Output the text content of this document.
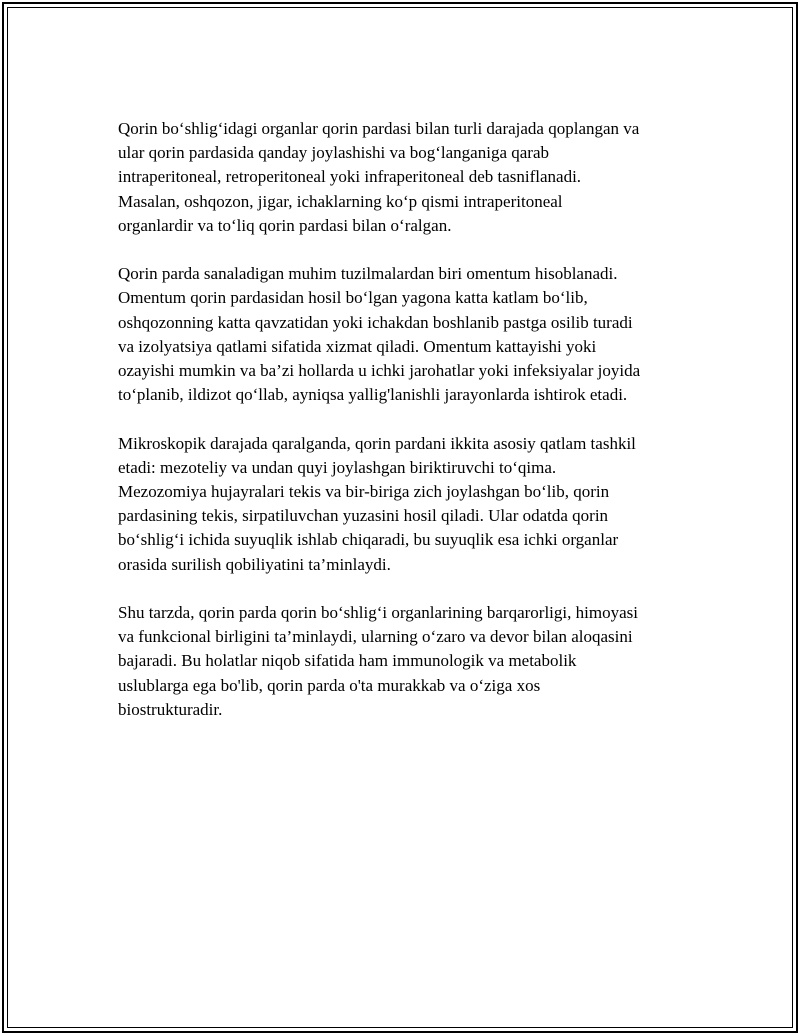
Qorin bo‘shlig‘idagi organlar qorin pardasi bilan turli darajada qoplangan va
ular qorin pardasida qanday joylashishi va bog‘langaniga qarab
intraperitoneal, retroperitoneal yoki infraperitoneal deb tasniflanadi.
Masalan, oshqozon, jigar, ichaklarning ko‘p qismi intraperitoneal
organlardir va to‘liq qorin pardasi bilan o‘ralgan.

Qorin parda sanaladigan muhim tuzilmalardan biri omentum hisoblanadi.
Omentum qorin pardasidan hosil bo‘lgan yagona katta katlam bo‘lib,
oshqozonning katta qavzatidan yoki ichakdan boshlanib pastga osilib turadi
va izolyatsiya qatlami sifatida xizmat qiladi. Omentum kattayishi yoki
ozayishi mumkin va ba’zi hollarda u ichki jarohatlar yoki infeksiyalar joyida
to‘planib, ildizot qo‘llab, ayniqsa yallig'lanishli jarayonlarda ishtirok etadi.

Mikroskopik darajada qaralganda, qorin pardani ikkita asosiy qatlam tashkil
etadi: mezoteliy va undan quyi joylashgan biriktiruvchi to‘qima.
Mezozomiya hujayralari tekis va bir-biriga zich joylashgan bo‘lib, qorin
pardasining tekis, sirpatiluvchan yuzasini hosil qiladi. Ular odatda qorin
bo‘shlig‘i ichida suyuqlik ishlab chiqaradi, bu suyuqlik esa ichki organlar
orasida surilish qobiliyatini ta’minlaydi.

Shu tarzda, qorin parda qorin bo‘shlig‘i organlarining barqarorligi, himoyasi
va funkcional birligini ta’minlaydi, ularning o‘zaro va devor bilan aloqasini
bajaradi. Bu holatlar niqob sifatida ham immunologik va metabolik
uslublarga ega bo'lib, qorin parda o'ta murakkab va o‘ziga xos
biostrukturadir.
